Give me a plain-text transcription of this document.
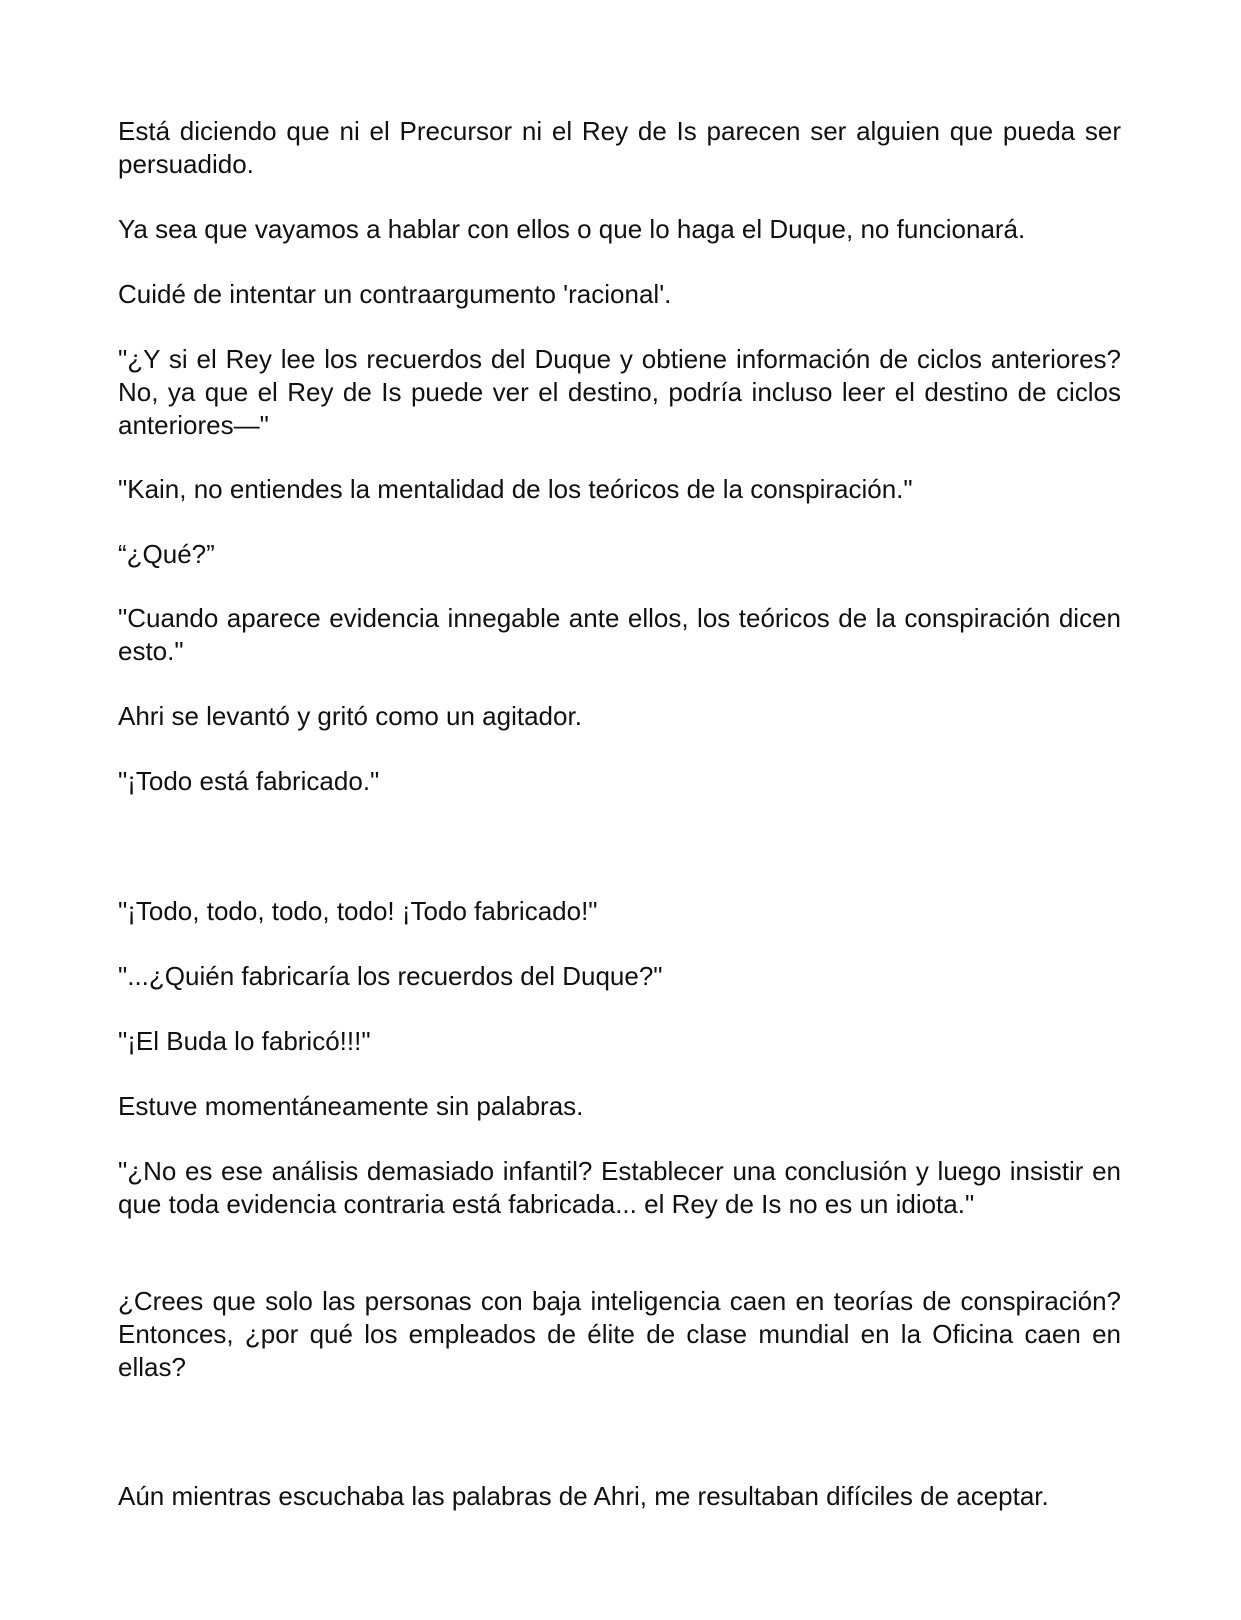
Está diciendo que ni el Precursor ni el Rey de Is parecen ser alguien que pueda ser persuadido.

Ya sea que vayamos a hablar con ellos o que lo haga el Duque, no funcionará.

Cuidé de intentar un contraargumento 'racional'.

"¿Y si el Rey lee los recuerdos del Duque y obtiene información de ciclos anteriores? No, ya que el Rey de Is puede ver el destino, podría incluso leer el destino de ciclos anteriores—"

"Kain, no entiendes la mentalidad de los teóricos de la conspiración."

“¿Qué?”

"Cuando aparece evidencia innegable ante ellos, los teóricos de la conspiración dicen esto."

Ahri se levantó y gritó como un agitador.

"¡Todo está fabricado."

"¡Todo, todo, todo, todo! ¡Todo fabricado!"

"...¿Quién fabricaría los recuerdos del Duque?"

"¡El Buda lo fabricó!!!"

Estuve momentáneamente sin palabras.

"¿No es ese análisis demasiado infantil? Establecer una conclusión y luego insistir en que toda evidencia contraria está fabricada... el Rey de Is no es un idiota."

¿Crees que solo las personas con baja inteligencia caen en teorías de conspiración? Entonces, ¿por qué los empleados de élite de clase mundial en la Oficina caen en ellas?

Aún mientras escuchaba las palabras de Ahri, me resultaban difíciles de aceptar.
